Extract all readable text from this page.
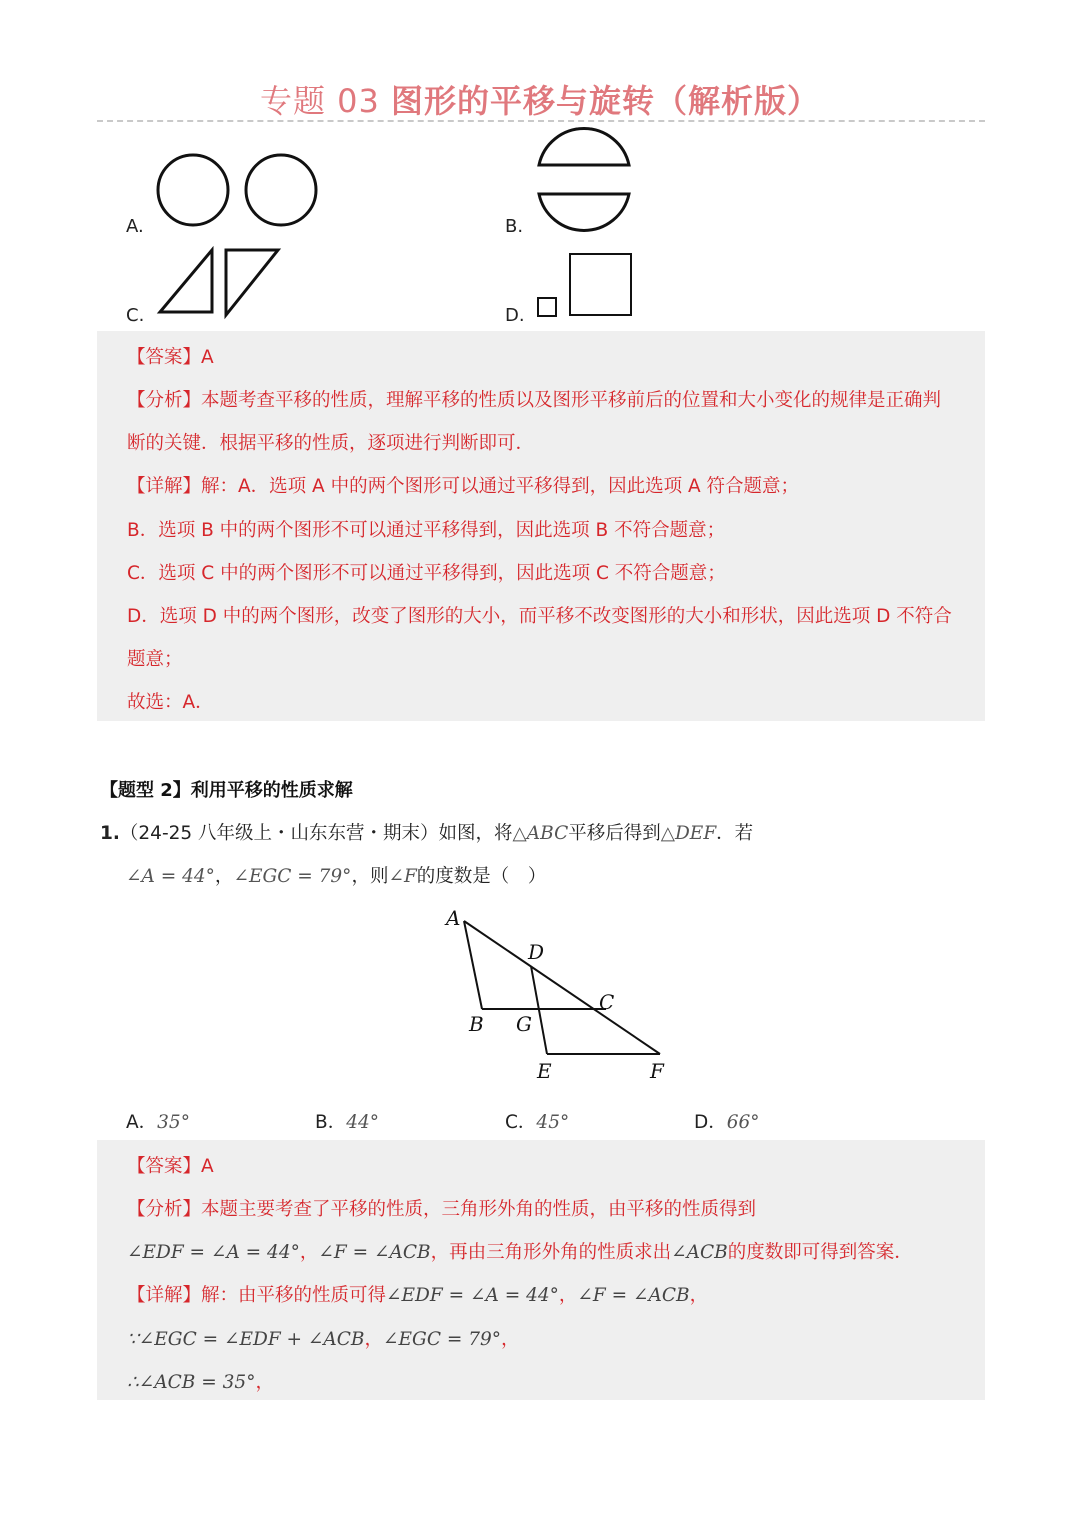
专题 03 图形的平移与旋转（解析版）
A.	B.
C.	D.
【答案】A
【分析】本题考查平移的性质，理解平移的性质以及图形平移前后的位置和大小变化的规律是正确判
断的关键．根据平移的性质，逐项进行判断即可．
【详解】解：A．选项 A 中的两个图形可以通过平移得到，因此选项 A 符合题意；
B．选项 B 中的两个图形不可以通过平移得到，因此选项 B 不符合题意；
C．选项 C 中的两个图形不可以通过平移得到，因此选项 C 不符合题意；
D．选项 D 中的两个图形，改变了图形的大小，而平移不改变图形的大小和形状，因此选项 D 不符合
题意；
故选：A．
【题型 2】利用平移的性质求解
1.（24-25 八年级上・山东东营・期末）如图，将△ABC平移后得到△DEF．若
∠A = 44°，∠EGC = 79°，则∠F的度数是（　）
A
D
C
B G
E	F
A．35°	B．44°	C．45°	D．66°
【答案】A
【分析】本题主要考查了平移的性质，三角形外角的性质，由平移的性质得到
∠EDF = ∠A = 44°，∠F = ∠ACB，再由三角形外角的性质求出∠ACB的度数即可得到答案．
【详解】解：由平移的性质可得∠EDF = ∠A = 44°，∠F = ∠ACB，
∵∠EGC = ∠EDF + ∠ACB，∠EGC = 79°，
∴∠ACB = 35°，
